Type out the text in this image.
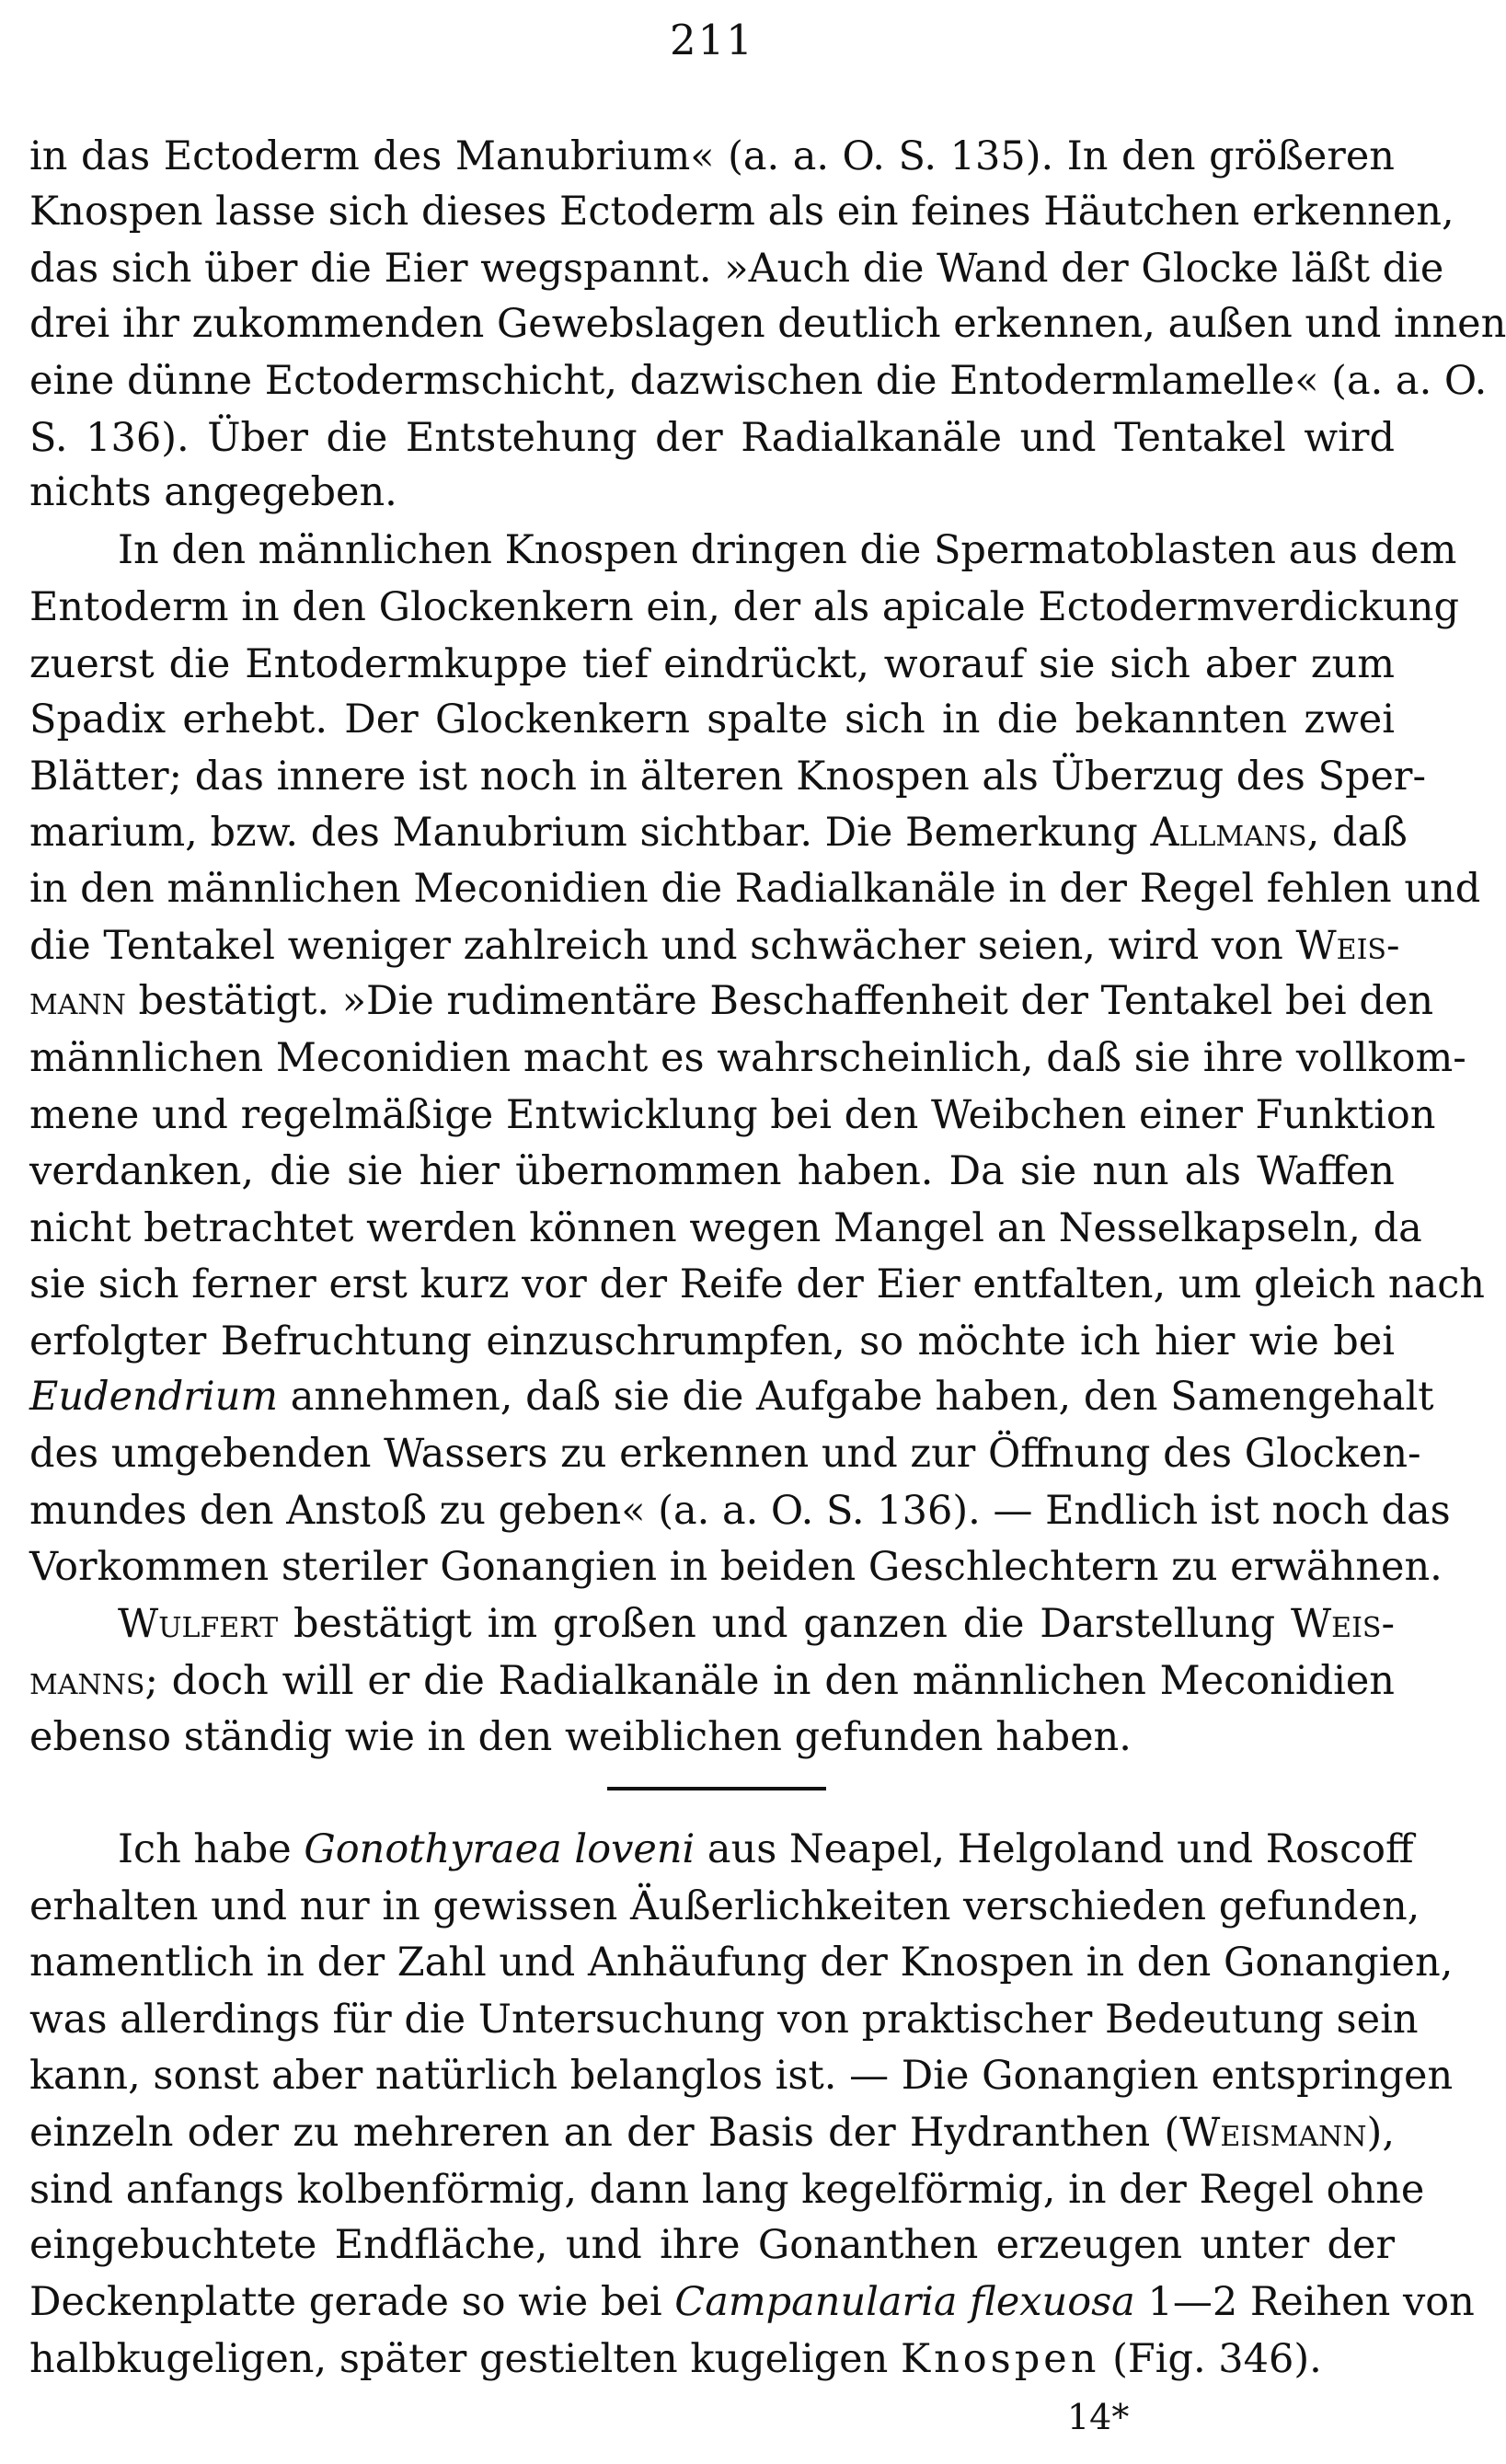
211
in das Ectoderm des Manubrium« (a. a. O. S. 135). In den größeren
Knospen lasse sich dieses Ectoderm als ein feines Häutchen erkennen,
das sich über die Eier wegspannt. »Auch die Wand der Glocke läßt die
drei ihr zukommenden Gewebslagen deutlich erkennen, außen und innen
eine dünne Ectodermschicht, dazwischen die Entodermlamelle« (a. a. O.
S. 136). Über die Entstehung der Radialkanäle und Tentakel wird
nichts angegeben.
In den männlichen Knospen dringen die Spermatoblasten aus dem
Entoderm in den Glockenkern ein, der als apicale Ectodermverdickung
zuerst die Entodermkuppe tief eindrückt, worauf sie sich aber zum
Spadix erhebt. Der Glockenkern spalte sich in die bekannten zwei
Blätter; das innere ist noch in älteren Knospen als Überzug des Sper-
marium, bzw. des Manubrium sichtbar. Die Bemerkung Allmans, daß
in den männlichen Meconidien die Radialkanäle in der Regel fehlen und
die Tentakel weniger zahlreich und schwächer seien, wird von Weis-
mann bestätigt. »Die rudimentäre Beschaffenheit der Tentakel bei den
männlichen Meconidien macht es wahrscheinlich, daß sie ihre vollkom-
mene und regelmäßige Entwicklung bei den Weibchen einer Funktion
verdanken, die sie hier übernommen haben. Da sie nun als Waffen
nicht betrachtet werden können wegen Mangel an Nesselkapseln, da
sie sich ferner erst kurz vor der Reife der Eier entfalten, um gleich nach
erfolgter Befruchtung einzuschrumpfen, so möchte ich hier wie bei
Eudendrium annehmen, daß sie die Aufgabe haben, den Samengehalt
des umgebenden Wassers zu erkennen und zur Öffnung des Glocken-
mundes den Anstoß zu geben« (a. a. O. S. 136). — Endlich ist noch das
Vorkommen steriler Gonangien in beiden Geschlechtern zu erwähnen.
Wulfert bestätigt im großen und ganzen die Darstellung Weis-
manns; doch will er die Radialkanäle in den männlichen Meconidien
ebenso ständig wie in den weiblichen gefunden haben.
Ich habe Gonothyraea loveni aus Neapel, Helgoland und Roscoff
erhalten und nur in gewissen Äußerlichkeiten verschieden gefunden,
namentlich in der Zahl und Anhäufung der Knospen in den Gonangien,
was allerdings für die Untersuchung von praktischer Bedeutung sein
kann, sonst aber natürlich belanglos ist. — Die Gonangien entspringen
einzeln oder zu mehreren an der Basis der Hydranthen (Weismann),
sind anfangs kolbenförmig, dann lang kegelförmig, in der Regel ohne
eingebuchtete Endfläche, und ihre Gonanthen erzeugen unter der
Deckenplatte gerade so wie bei Campanularia flexuosa 1—2 Reihen von
halbkugeligen, später gestielten kugeligen Knospen (Fig. 346).
14*
